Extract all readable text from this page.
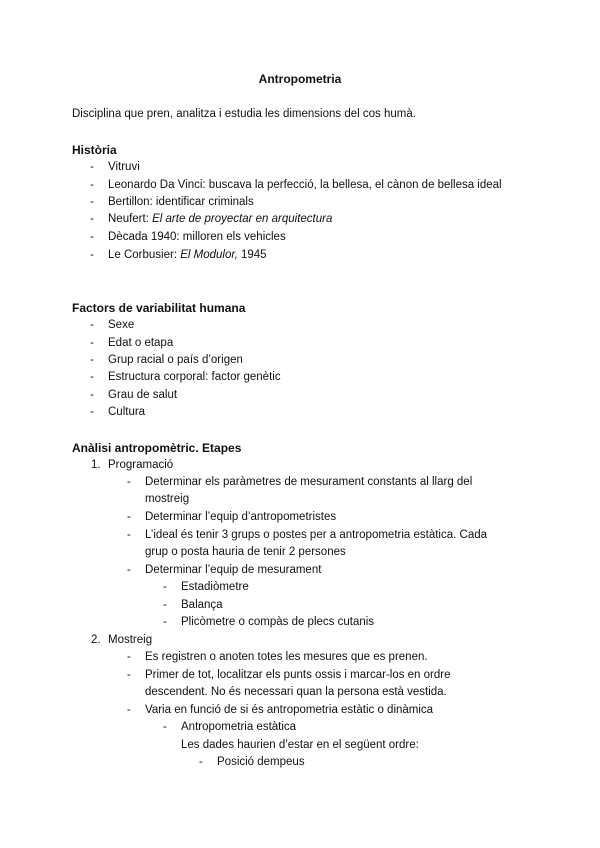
Antropometria
Disciplina que pren, analitza i estudia les dimensions del cos humà.
Història
- Vitruvi
- Leonardo Da Vinci: buscava la perfecció, la bellesa, el cànon de bellesa ideal
- Bertillon: identificar criminals
- Neufert: El arte de proyectar en arquitectura
- Dècada 1940: milloren els vehicles
- Le Corbusier: El Modulor, 1945
Factors de variabilitat humana
- Sexe
- Edat o etapa
- Grup racial o país d’origen
- Estructura corporal: factor genètic
- Grau de salut
- Cultura
Anàlisi antropomètric. Etapes
1. Programació
- Determinar els paràmetres de mesurament constants al llarg del
mostreig
- Determinar l’equip d’antropometristes
- L’ideal és tenir 3 grups o postes per a antropometria estàtica. Cada
grup o posta hauria de tenir 2 persones
- Determinar l’equip de mesurament
- Estadiòmetre
- Balança
- Plicòmetre o compàs de plecs cutanis
2. Mostreig
- Es registren o anoten totes les mesures que es prenen.
- Primer de tot, localitzar els punts ossis i marcar-los en ordre
descendent. No és necessari quan la persona està vestida.
- Varia en funció de si és antropometria estàtic o dinàmica
- Antropometria estàtica
Les dades haurien d’estar en el següent ordre:
- Posició dempeus
